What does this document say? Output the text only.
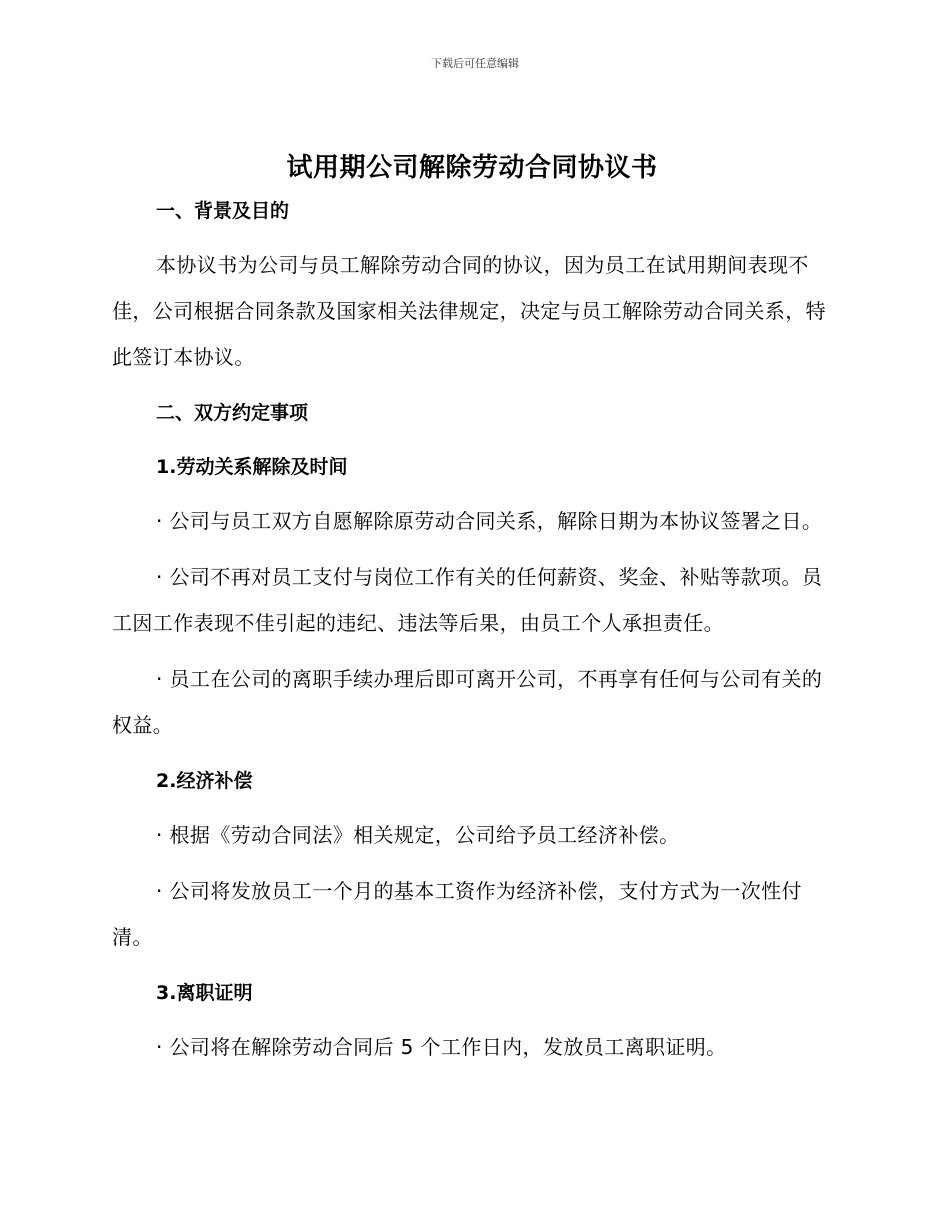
下载后可任意编辑
试用期公司解除劳动合同协议书
一、背景及目的

本协议书为公司与员工解除劳动合同的协议，因为员工在试用期间表现不佳，公司根据合同条款及国家相关法律规定，决定与员工解除劳动合同关系，特此签订本协议。

二、双方约定事项
1.劳动关系解除及时间

· 公司与员工双方自愿解除原劳动合同关系，解除日期为本协议签署之日。

· 公司不再对员工支付与岗位工作有关的任何薪资、奖金、补贴等款项。员工因工作表现不佳引起的违纪、违法等后果，由员工个人承担责任。

· 员工在公司的离职手续办理后即可离开公司，不再享有任何与公司有关的权益。

2.经济补偿

· 根据《劳动合同法》相关规定，公司给予员工经济补偿。

· 公司将发放员工一个月的基本工资作为经济补偿，支付方式为一次性付清。

3.离职证明

· 公司将在解除劳动合同后 5 个工作日内，发放员工离职证明。
